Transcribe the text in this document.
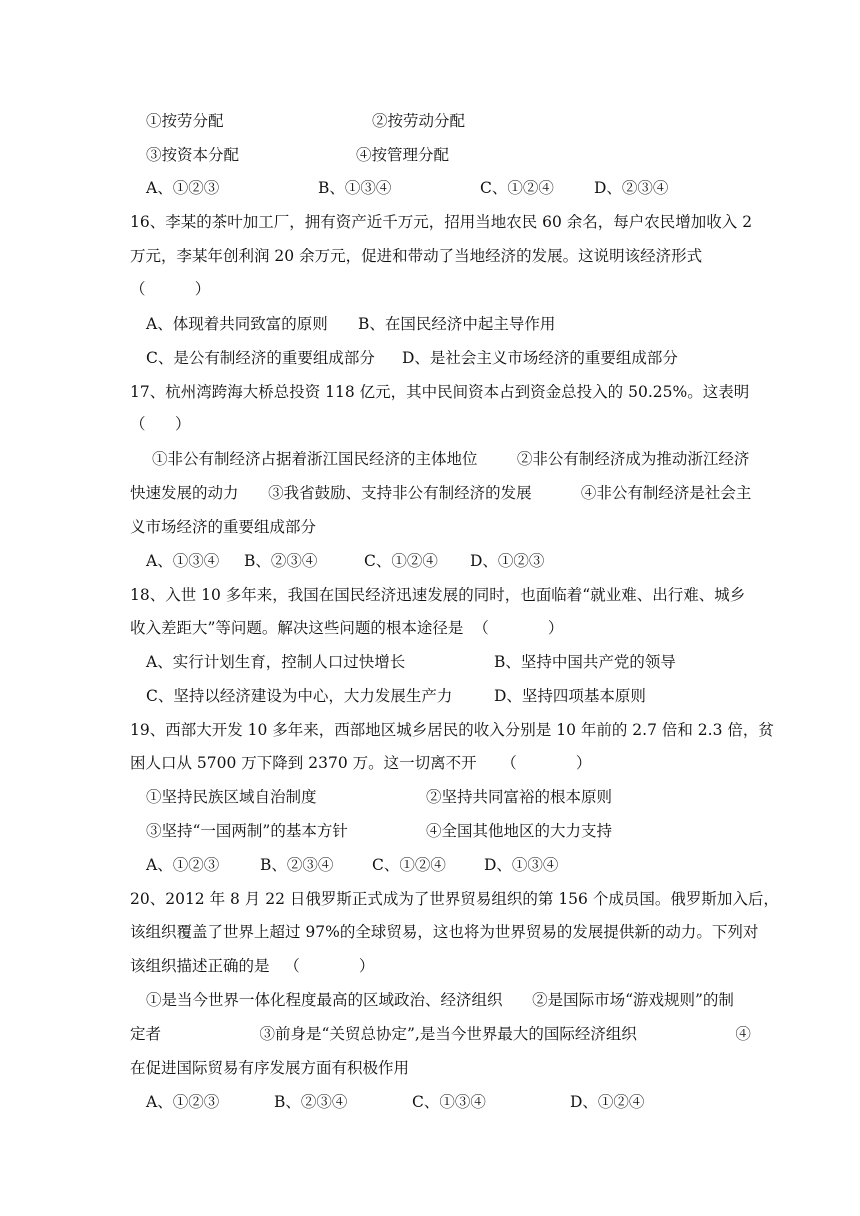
①按劳分配	②按劳动分配
③按资本分配	④按管理分配
A、①②③	B、①③④	C、①②④	D、②③④
16、李某的茶叶加工厂，拥有资产近千万元，招用当地农民 60 余名，每户农民增加收入 2
万元，李某年创利润 20 余万元，促进和带动了当地经济的发展。这说明该经济形式
（          ）
A、体现着共同致富的原则 B、在国民经济中起主导作用
C、是公有制经济的重要组成部分 D、是社会主义市场经济的重要组成部分
17、杭州湾跨海大桥总投资 118 亿元，其中民间资本占到资金总投入的 50.25%。这表明
（      ）
①非公有制经济占据着浙江国民经济的主体地位        ②非公有制经济成为推动浙江经济
快速发展的动力      ③我省鼓励、支持非公有制经济的发展          ④非公有制经济是社会主
义市场经济的重要组成部分
A、①③④ B、②③④	C、①②④ D、①②③
18、入世 10 多年来，我国在国民经济迅速发展的同时，也面临着“就业难、出行难、城乡
收入差距大”等问题。解决这些问题的根本途径是  （            ）
A、实行计划生育，控制人口过快增长	B、坚持中国共产党的领导
C、坚持以经济建设为中心，大力发展生产力	D、坚持四项基本原则
19、西部大开发 10 多年来，西部地区城乡居民的收入分别是 10 年前的 2.7 倍和 2.3 倍，贫
困人口从 5700 万下降到 2370 万。这一切离不开     （            ）
①坚持民族区域自治制度	②坚持共同富裕的根本原则
③坚持“一国两制”的基本方针	④全国其他地区的大力支持
A、①②③	B、②③④ C、①②④ D、①③④
20、2012 年 8 月 22 日俄罗斯正式成为了世界贸易组织的第 156 个成员国。俄罗斯加入后，
该组织覆盖了世界上超过 97%的全球贸易，这也将为世界贸易的发展提供新的动力。下列对
该组织描述正确的是   （            ）
①是当今世界一体化程度最高的区域政治、经济组织      ②是国际市场“游戏规则”的制
定者                    ③前身是“关贸总协定”,是当今世界最大的国际经济组织                    ④
在促进国际贸易有序发展方面有积极作用
A、①②③	B、②③④	C、①③④	D、①②④
